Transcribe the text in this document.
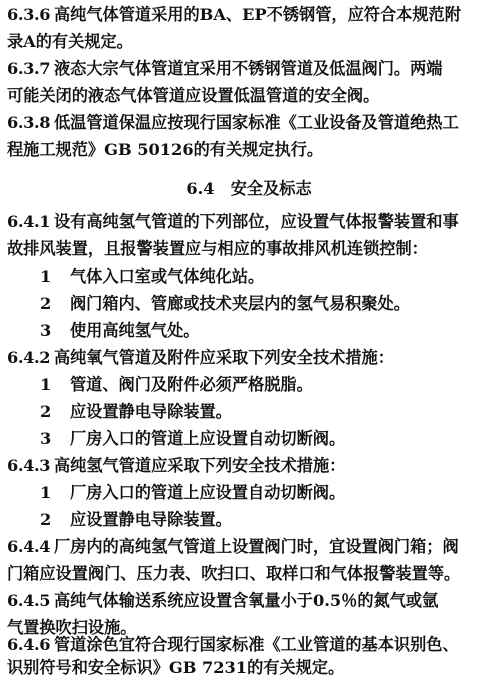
6.3.6 高纯气体管道采用的BA、EP不锈钢管，应符合本规范附
录A的有关规定。
6.3.7 液态大宗气体管道宜采用不锈钢管道及低温阀门。两端
可能关闭的液态气体管道应设置低温管道的安全阀。
6.3.8 低温管道保温应按现行国家标准《工业设备及管道绝热工
程施工规范》GB 50126的有关规定执行。
6.4　安全及标志
6.4.1 设有高纯氢气管道的下列部位，应设置气体报警装置和事
故排风装置，且报警装置应与相应的事故排风机连锁控制：
1 气体入口室或气体纯化站。
2 阀门箱内、管廊或技术夹层内的氢气易积聚处。
3 使用高纯氢气处。
6.4.2 高纯氧气管道及附件应采取下列安全技术措施：
1 管道、阀门及附件必须严格脱脂。
2 应设置静电导除装置。
3 厂房入口的管道上应设置自动切断阀。
6.4.3 高纯氢气管道应采取下列安全技术措施：
1 厂房入口的管道上应设置自动切断阀。
2 应设置静电导除装置。
6.4.4 厂房内的高纯氢气管道上设置阀门时，宜设置阀门箱；阀
门箱应设置阀门、压力表、吹扫口、取样口和气体报警装置等。
6.4.5 高纯气体输送系统应设置含氧量小于0.5％的氮气或氩
气置换吹扫设施。
6.4.6 管道涂色宜符合现行国家标准《工业管道的基本识别色、
识别符号和安全标识》GB 7231的有关规定。
